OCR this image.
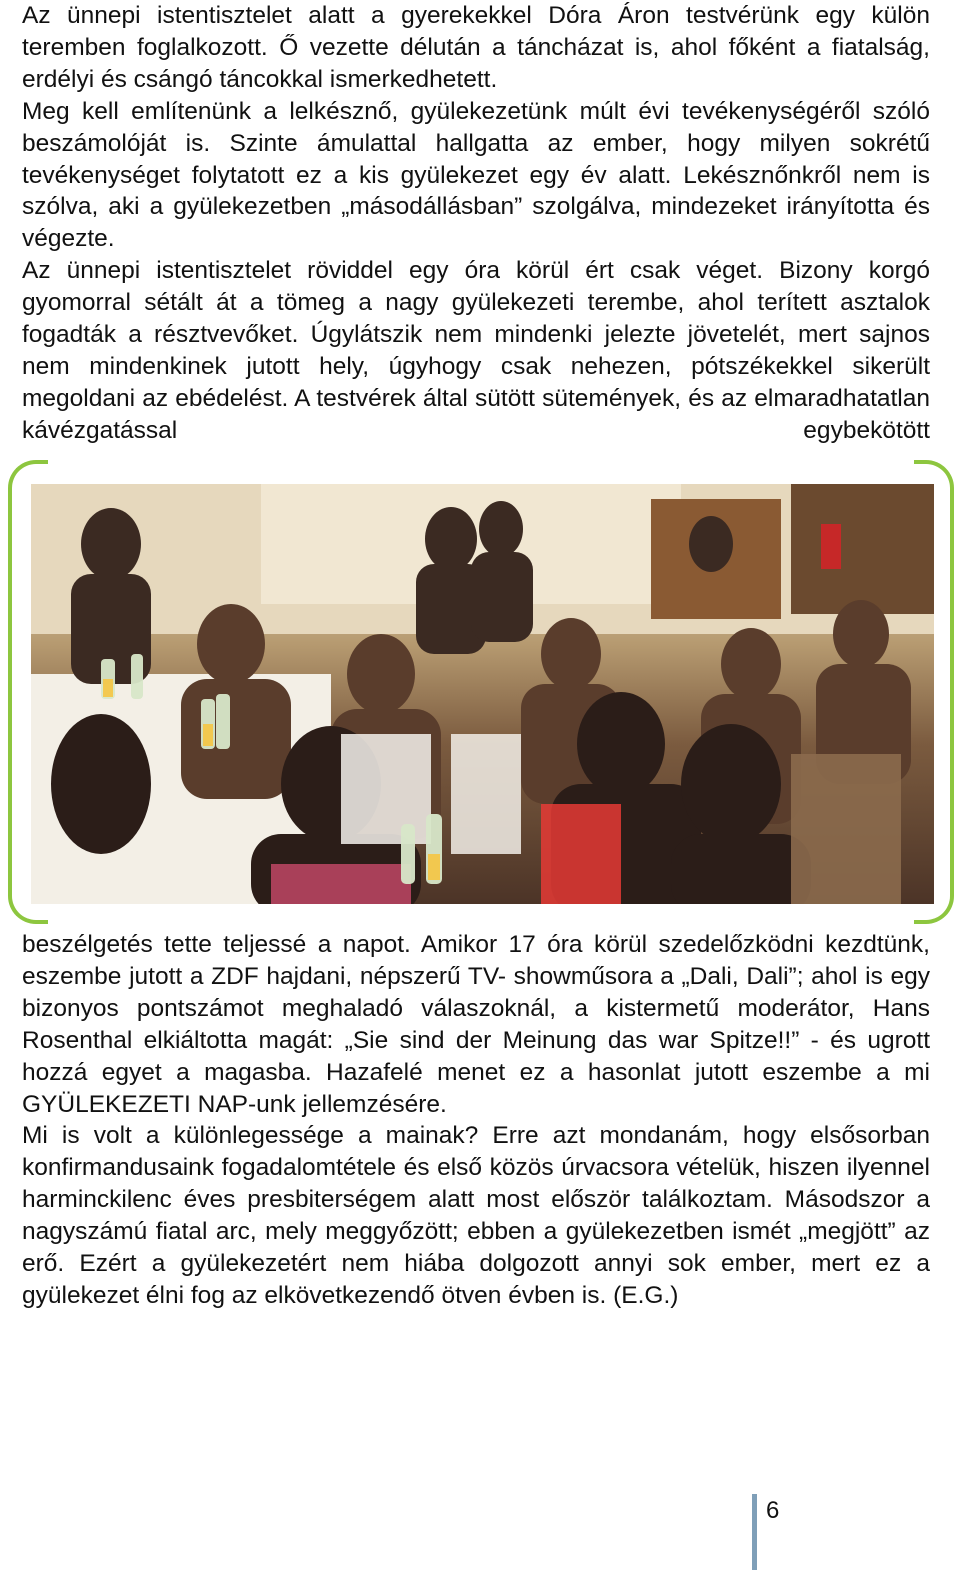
Az ünnepi istentisztelet alatt a gyerekekkel Dóra Áron testvérünk egy külön teremben foglalkozott. Ő vezette délután a táncházat is, ahol főként a fiatalság, erdélyi és csángó táncokkal ismerkedhetett.

Meg kell említenünk a lelkésznő, gyülekezetünk múlt évi tevékenységéről szóló beszámolóját is. Szinte ámulattal hallgatta az ember, hogy milyen sokrétű tevékenységet folytatott ez a kis gyülekezet egy év alatt. Lekésznőnkről nem is szólva, aki a gyülekezetben „másodállásban” szolgálva, mindezeket irányította és végezte.

Az ünnepi istentisztelet röviddel egy óra körül ért csak véget. Bizony korgó gyomorral sétált át a tömeg a nagy gyülekezeti terembe, ahol terített asztalok fogadták a résztvevőket. Úgylátszik nem mindenki jelezte jövetelét, mert sajnos nem mindenkinek jutott hely, úgyhogy csak nehezen, pótszékekkel sikerült megoldani az ebédelést. A testvérek által sütött sütemények, és az elmaradhatatlan kávézgatással egybekötött

beszélgetés tette teljessé a napot. Amikor 17 óra körül szedelőzködni kezdtünk, eszembe jutott a ZDF hajdani, népszerű TV- showműsora a „Dali, Dali”; ahol is egy bizonyos pontszámot meghaladó válaszoknál, a kistermetű moderátor, Hans Rosenthal elkiáltotta magát: „Sie sind der Meinung das war Spitze!!” - és ugrott hozzá egyet a magasba. Hazafelé menet ez a hasonlat jutott eszembe a mi GYÜLEKEZETI NAP-unk jellemzésére.

Mi is volt a különlegessége a mainak? Erre azt mondanám, hogy elsősorban konfirmandusaink fogadalomtétele és első közös úrvacsora vételük, hiszen ilyennel harminckilenc éves presbiterségem alatt most először találkoztam. Másodszor a nagyszámú fiatal arc, mely meggyőzött; ebben a gyülekezetben ismét „megjött” az erő. Ezért a gyülekezetért nem hiába dolgozott annyi sok ember, mert ez a gyülekezet élni fog az elkövetkezendő ötven évben is. (E.G.)

6
